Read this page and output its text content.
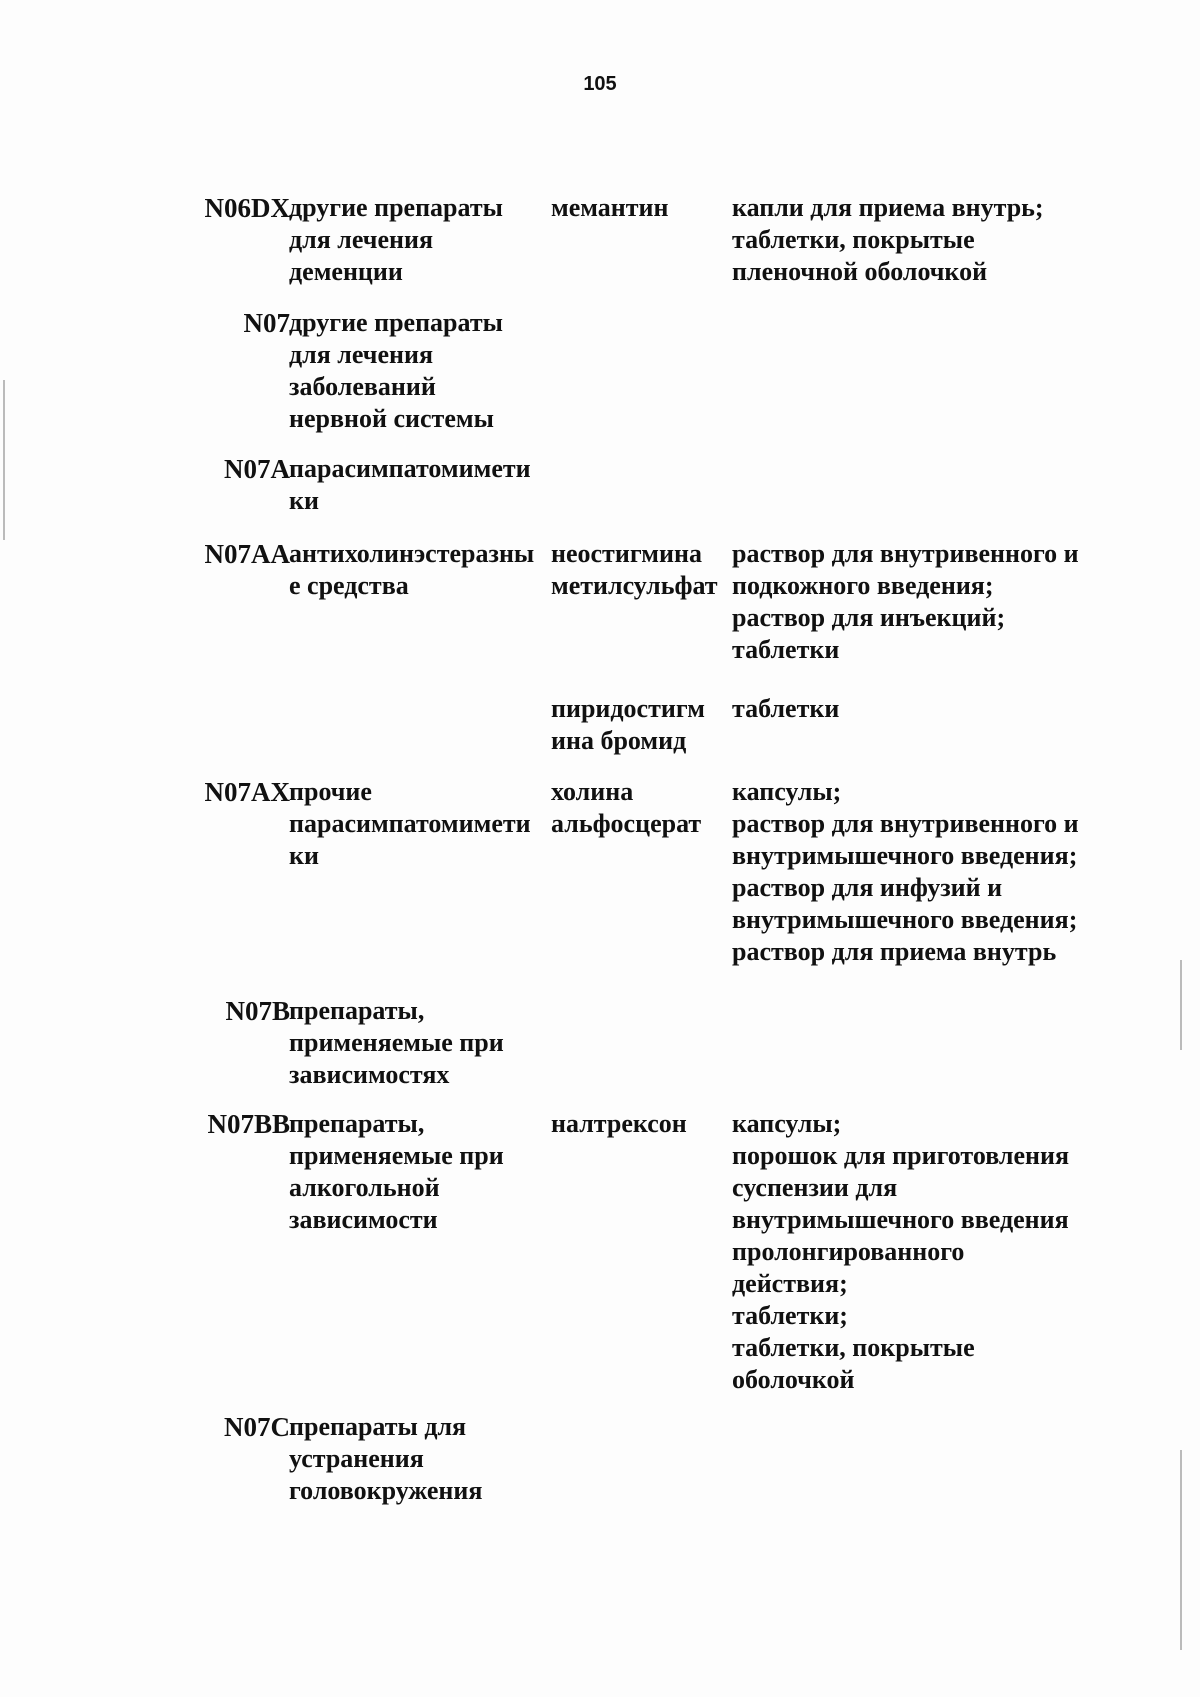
105
N06DX другие препараты
для лечения
деменции
мемантин капли для приема внутрь;
таблетки, покрытые
пленочной оболочкой
N07 другие препараты
для лечения
заболеваний
нервной системы
N07A парасимпатомимети
ки
N07AA антихолинэстеразны
е средства
неостигмина
метилсульфат
раствор для внутривенного и
подкожного введения;
раствор для инъекций;
таблетки
пиридостигм
ина бромид
таблетки
N07AX прочие
парасимпатомимети
ки
холина
альфосцерат
капсулы;
раствор для внутривенного и
внутримышечного введения;
раствор для инфузий и
внутримышечного введения;
раствор для приема внутрь
N07B препараты,
применяемые при
зависимостях
N07BB препараты,
применяемые при
алкогольной
зависимости
налтрексон капсулы;
порошок для приготовления
суспензии для
внутримышечного введения
пролонгированного
действия;
таблетки;
таблетки, покрытые
оболочкой
N07C препараты для
устранения
головокружения
